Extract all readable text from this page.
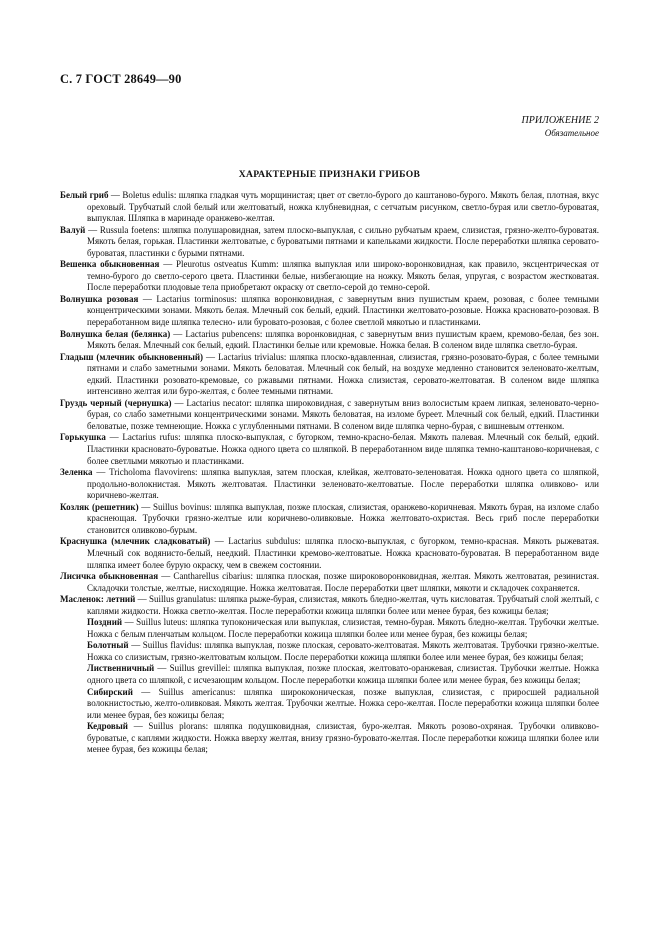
С. 7 ГОСТ 28649—90
ПРИЛОЖЕНИЕ 2
Обязательное
ХАРАКТЕРНЫЕ ПРИЗНАКИ ГРИБОВ

Белый гриб — Boletus edulis: шляпка гладкая чуть морщинистая; цвет от светло-бурого до каштаново-бурого. Мякоть белая, плотная, вкус ореховый. Трубчатый слой белый или желтоватый, ножка клубневидная, с сетчатым рисунком, светло-бурая или светло-буроватая, выпуклая. Шляпка в маринаде оранжево-желтая.

Валуй — Russula foetens: шляпка полушаровидная, затем плоско-выпуклая, с сильно рубчатым краем, слизистая, грязно-желто-буроватая. Мякоть белая, горькая. Пластинки желтоватые, с буроватыми пятнами и капельками жидкости. После переработки шляпка серовато-буроватая, пластинки с бурыми пятнами.

Вешенка обыкновенная — Pleurotus ostveatus Kumm: шляпка выпуклая или широко-воронковидная, как правило, эксцентрическая от темно-бурого до светло-серого цвета. Пластинки белые, низбегающие на ножку. Мякоть белая, упругая, с возрастом жестковатая. После переработки плодовые тела приобретают окраску от светло-серой до темно-серой.

Волнушка розовая — Lactarius torminosus: шляпка воронковидная, с завернутым вниз пушистым краем, розовая, с более темными концентрическими зонами. Мякоть белая. Млечный сок белый, едкий. Пластинки желтовато-розовые. Ножка красновато-розовая. В переработанном виде шляпка телесно- или буровато-розовая, с более светлой мякотью и пластинками.

Волнушка белая (белянка) — Lactarius pubencens: шляпка воронковидная, с завернутым вниз пушистым краем, кремово-белая, без зон. Мякоть белая. Млечный сок белый, едкий. Пластинки белые или кремовые. Ножка белая. В соленом виде шляпка светло-бурая.

Гладыш (млечник обыкновенный) — Lactarius trivialus: шляпка плоско-вдавленная, слизистая, грязно-розовато-бурая, с более темными пятнами и слабо заметными зонами. Мякоть беловатая. Млечный сок белый, на воздухе медленно становится зеленовато-желтым, едкий. Пластинки розовато-кремовые, со ржавыми пятнами. Ножка слизистая, серовато-желтоватая. В соленом виде шляпка интенсивно желтая или буро-желтая, с более темными пятнами.

Груздь черный (чернушка) — Lactarius necator: шляпка широковидная, с завернутым вниз волосистым краем липкая, зеленовато-черно-бурая, со слабо заметными концентрическими зонами. Мякоть беловатая, на изломе буреет. Млечный сок белый, едкий. Пластинки беловатые, позже темнеющие. Ножка с углубленными пятнами. В соленом виде шляпка черно-бурая, с вишневым оттенком.

Горькушка — Lactarius rufus: шляпка плоско-выпуклая, с бугорком, темно-красно-белая. Мякоть палевая. Млечный сок белый, едкий. Пластинки красновато-буроватые. Ножка одного цвета со шляпкой. В переработанном виде шляпка темно-каштаново-коричневая, с более светлыми мякотью и пластинками.

Зеленка — Tricholoma flavovirens: шляпка выпуклая, затем плоская, клейкая, желтовато-зеленоватая. Ножка одного цвета со шляпкой, продольно-волокнистая. Мякоть желтоватая. Пластинки зеленовато-желтоватые. После переработки шляпка оливково- или коричнево-желтая.

Козляк (решетник) — Suillus bovinus: шляпка выпуклая, позже плоская, слизистая, оранжево-коричневая. Мякоть бурая, на изломе слабо краснеющая. Трубочки грязно-желтые или коричнево-оливковые. Ножка желтовато-охристая. Весь гриб после переработки становится оливково-бурым.

Краснушка (млечник сладковатый) — Lactarius subdulus: шляпка плоско-выпуклая, с бугорком, темно-красная. Мякоть рыжеватая. Млечный сок водянисто-белый, неедкий. Пластинки кремово-желтоватые. Ножка красновато-буроватая. В переработанном виде шляпка имеет более бурую окраску, чем в свежем состоянии.

Лисичка обыкновенная — Cantharellus cibarius: шляпка плоская, позже широковоронковидная, желтая. Мякоть желтоватая, резинистая. Складочки толстые, желтые, нисходящие. Ножка желтоватая. После переработки цвет шляпки, мякоти и складочек сохраняется.

Масленок: летний — Suillus granulatus: шляпка рыже-бурая, слизистая, мякоть бледно-желтая, чуть кисловатая. Трубчатый слой желтый, с каплями жидкости. Ножка светло-желтая. После переработки кожица шляпки более или менее бурая, без кожицы белая;

Поздний — Suillus luteus: шляпка тупоконическая или выпуклая, слизистая, темно-бурая. Мякоть бледно-желтая. Трубочки желтые. Ножка с белым пленчатым кольцом. После переработки кожица шляпки более или менее бурая, без кожицы белая;

Болотный — Suillus flavidus: шляпка выпуклая, позже плоская, серовато-желтоватая. Мякоть желтоватая. Трубочки грязно-желтые. Ножка со слизистым, грязно-желтоватым кольцом. После переработки кожица шляпки более или менее бурая, без кожицы белая;

Лиственничный — Suillus grevillei: шляпка выпуклая, позже плоская, желтовато-оранжевая, слизистая. Трубочки желтые. Ножка одного цвета со шляпкой, с исчезающим кольцом. После переработки кожица шляпки более или менее бурая, без кожицы белая;

Сибирский — Suillus americanus: шляпка ширококоническая, позже выпуклая, слизистая, с приросшей радиальной волокнистостью, желто-оливковая. Мякоть желтая. Трубочки желтые. Ножка серо-желтая. После переработки кожица шляпки более или менее бурая, без кожицы белая;

Кедровый — Suillus plorans: шляпка подушковидная, слизистая, буро-желтая. Мякоть розово-охряная. Трубочки оливково-буроватые, с каплями жидкости. Ножка вверху желтая, внизу грязно-буровато-желтая. После переработки кожица шляпки более или менее бурая, без кожицы белая;
